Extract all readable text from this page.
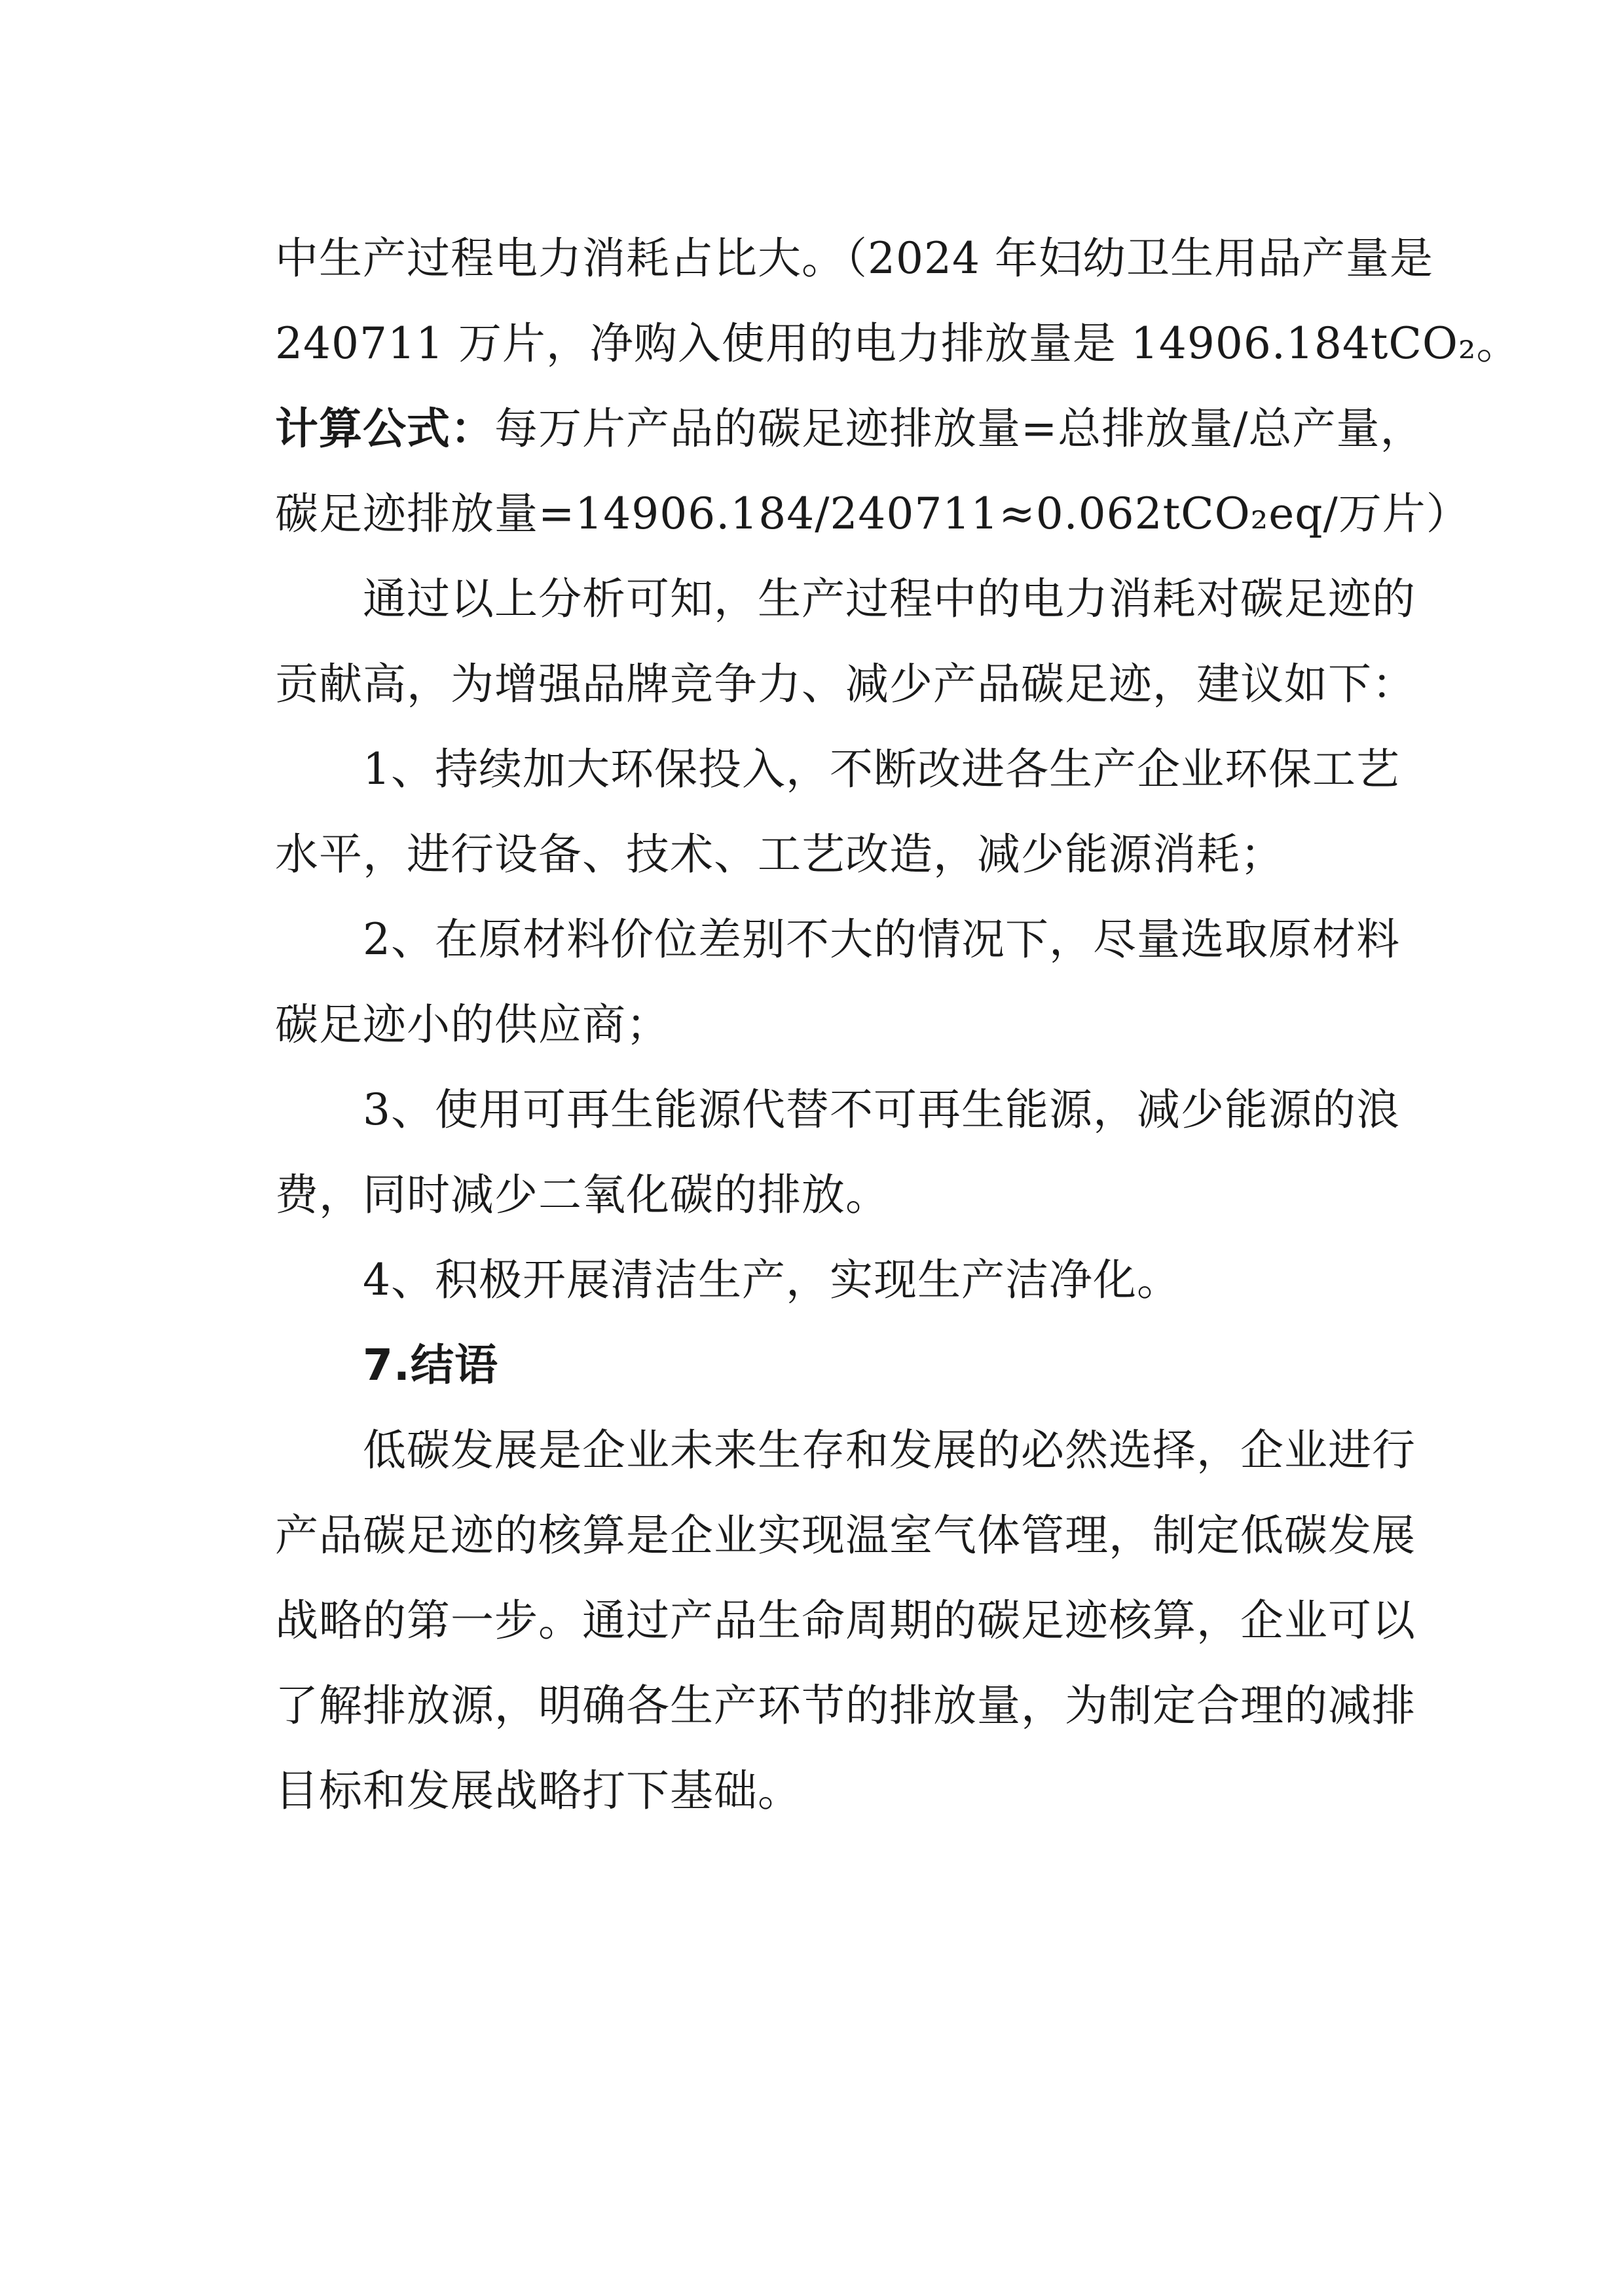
中生产过程电力消耗占比大。（2024 年妇幼卫生用品产量是
240711 万片，净购入使用的电力排放量是 14906.184tCO₂。
计算公式：每万片产品的碳足迹排放量=总排放量/总产量，
碳足迹排放量=14906.184/240711≈0.062tCO₂eq/万片）
通过以上分析可知，生产过程中的电力消耗对碳足迹的
贡献高，为增强品牌竞争力、减少产品碳足迹，建议如下：
1、持续加大环保投入，不断改进各生产企业环保工艺
水平，进行设备、技术、工艺改造，减少能源消耗；
2、在原材料价位差别不大的情况下，尽量选取原材料
碳足迹小的供应商；
3、使用可再生能源代替不可再生能源，减少能源的浪
费，同时减少二氧化碳的排放。
4、积极开展清洁生产，实现生产洁净化。
7.结语
低碳发展是企业未来生存和发展的必然选择，企业进行
产品碳足迹的核算是企业实现温室气体管理，制定低碳发展
战略的第一步。通过产品生命周期的碳足迹核算，企业可以
了解排放源，明确各生产环节的排放量，为制定合理的减排
目标和发展战略打下基础。
